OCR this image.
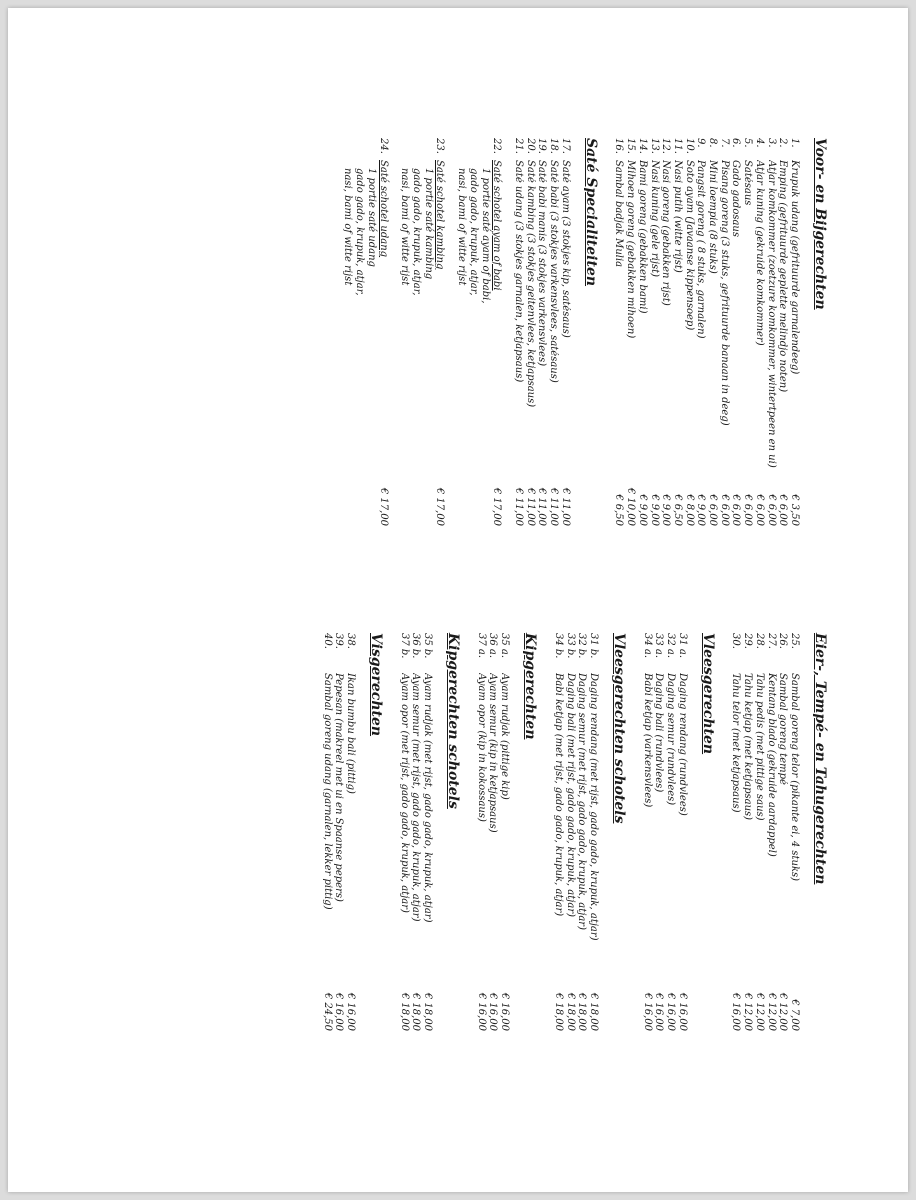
Voor- en Bijgerechten
1.
Krupuk udang (gefrituurde garnalendeeg)
€ 3,50
2.
Emping (gefrituurde geplette melindjo noten)
€ 6,00
3.
Atjar komkommer (zoetzure komkommer, wintertpeen en ui)
€ 6,00
4.
Atjar kuning (gekruide komkommer)
€ 6,00
5.
Satésaus
€ 6,00
6.
Gado gadosaus
€ 6,00
7.
Pisang goreng (3 stuks, gefrituurde banaan in deeg)
€ 6,00
8.
Mini loempia (8 stuks)
€ 6,00
9.
Pangsit goreng ( 8 stuks, garnalen)
€ 9,00
10.
Soto ayam (Javaanse kippensoep)
€ 8,00
11.
Nasi putih (witte rijst)
€ 6,50
12.
Nasi goreng (gebakken rijst)
€ 9,00
13.
Nasi kuning (gele rijst)
€ 9,00
14.
Bami goreng (gebakken bami)
€ 9,00
15.
Mihoen goreng (gebakken mihoen)
€ 10,00
16.
Sambal badjak Mulia
€ 6,50
Saté Specialiteiten
17.
Saté ayam (3 stokjes kip, satésaus)
€ 11,00
18.
Saté babi (3 stokjes varkensvlees, satésaus)
€ 11,00
19.
Saté babi manis (3 stokjes varkensvlees)
€ 11,00
20.
Saté kambing (3 stokjes geitenvlees, ketjapsaus)
€ 11,00
21.
Saté udang (3 stokjes garnalen, ketjapsaus)
€ 11,00
22.
Saté schotel ayam of babi
1 portie saté ayam of babi,
gado gado, krupuk, atjar,
nasi, bami of witte rijst
€ 17,00
23.
Saté schotel kambing
1 portie saté kambing
gado gado, krupuk, atjar,
nasi, bami of witte rijst
€ 17,00
24.
Saté schotel udang
1 portie saté udang
gado gado, krupuk, atjar,
nasi, bami of witte rijst
€ 17,00
Eier-, Tempé- en Tahugerechten
25.
Sambal goreng telor (pikante ei, 4 stuks)
€ 7,00
26.
Sambal goreng tempé
€ 12,00
27.
Kentang blado (gekruide aardappel)
€ 12,00
28.
Tahu pedis (met pittige saus)
€ 12,00
29.
Tahu ketjap (met ketjapsaus)
€ 12,00
30.
Tahu telor (met ketjapsaus)
€ 16,00
Vleesgerechten
31 a.
Daging rendang (rundvlees)
€ 16,00
32 a.
Daging semur (rundvlees)
€ 16,00
33 a.
Daging bali (rundvlees)
€ 16,00
34 a.
Babi ketjap (varkensvlees)
€ 16,00
Vleesgerechten schotels
31 b.
Daging rendang (met rijst, gado gado, krupuk, atjar)
€ 18,00
32 b.
Daging semur (met rijst, gado gado, krupuk, atjar)
€ 18,00
33 b.
Daging bali (met rijst, gado gado, krupuk, atjar)
€ 18,00
34 b.
Babi ketjap (met rijst, gado gado, krupuk, atjar)
€ 18,00
Kipgerechten
35 a.
Ayam rudjak (pittige kip)
€ 16,00
36 a.
Ayam semur (kip in ketjapsaus)
€ 16,00
37 a.
Ayam opor (kip in kokossaus)
€ 16,00
Kipgerechten schotels
35 b.
Ayam rudjak (met rijst, gado gado, krupuk, atjar)
€ 18,00
36 b.
Ayam semur (met rijst, gado gado, krupuk, atjar)
€ 18,00
37 b.
Ayam opor (met rijst, gado gado, krupuk, atjar)
€ 18,00
Visgerechten
38.
Ikan bumbu bali (pittig)
€ 16,00
39.
Pepesan (makreel met ui en Spaanse pepers)
€ 16,00
40.
Sambal goreng udang (garnalen, lekker pittig)
€ 24,50
